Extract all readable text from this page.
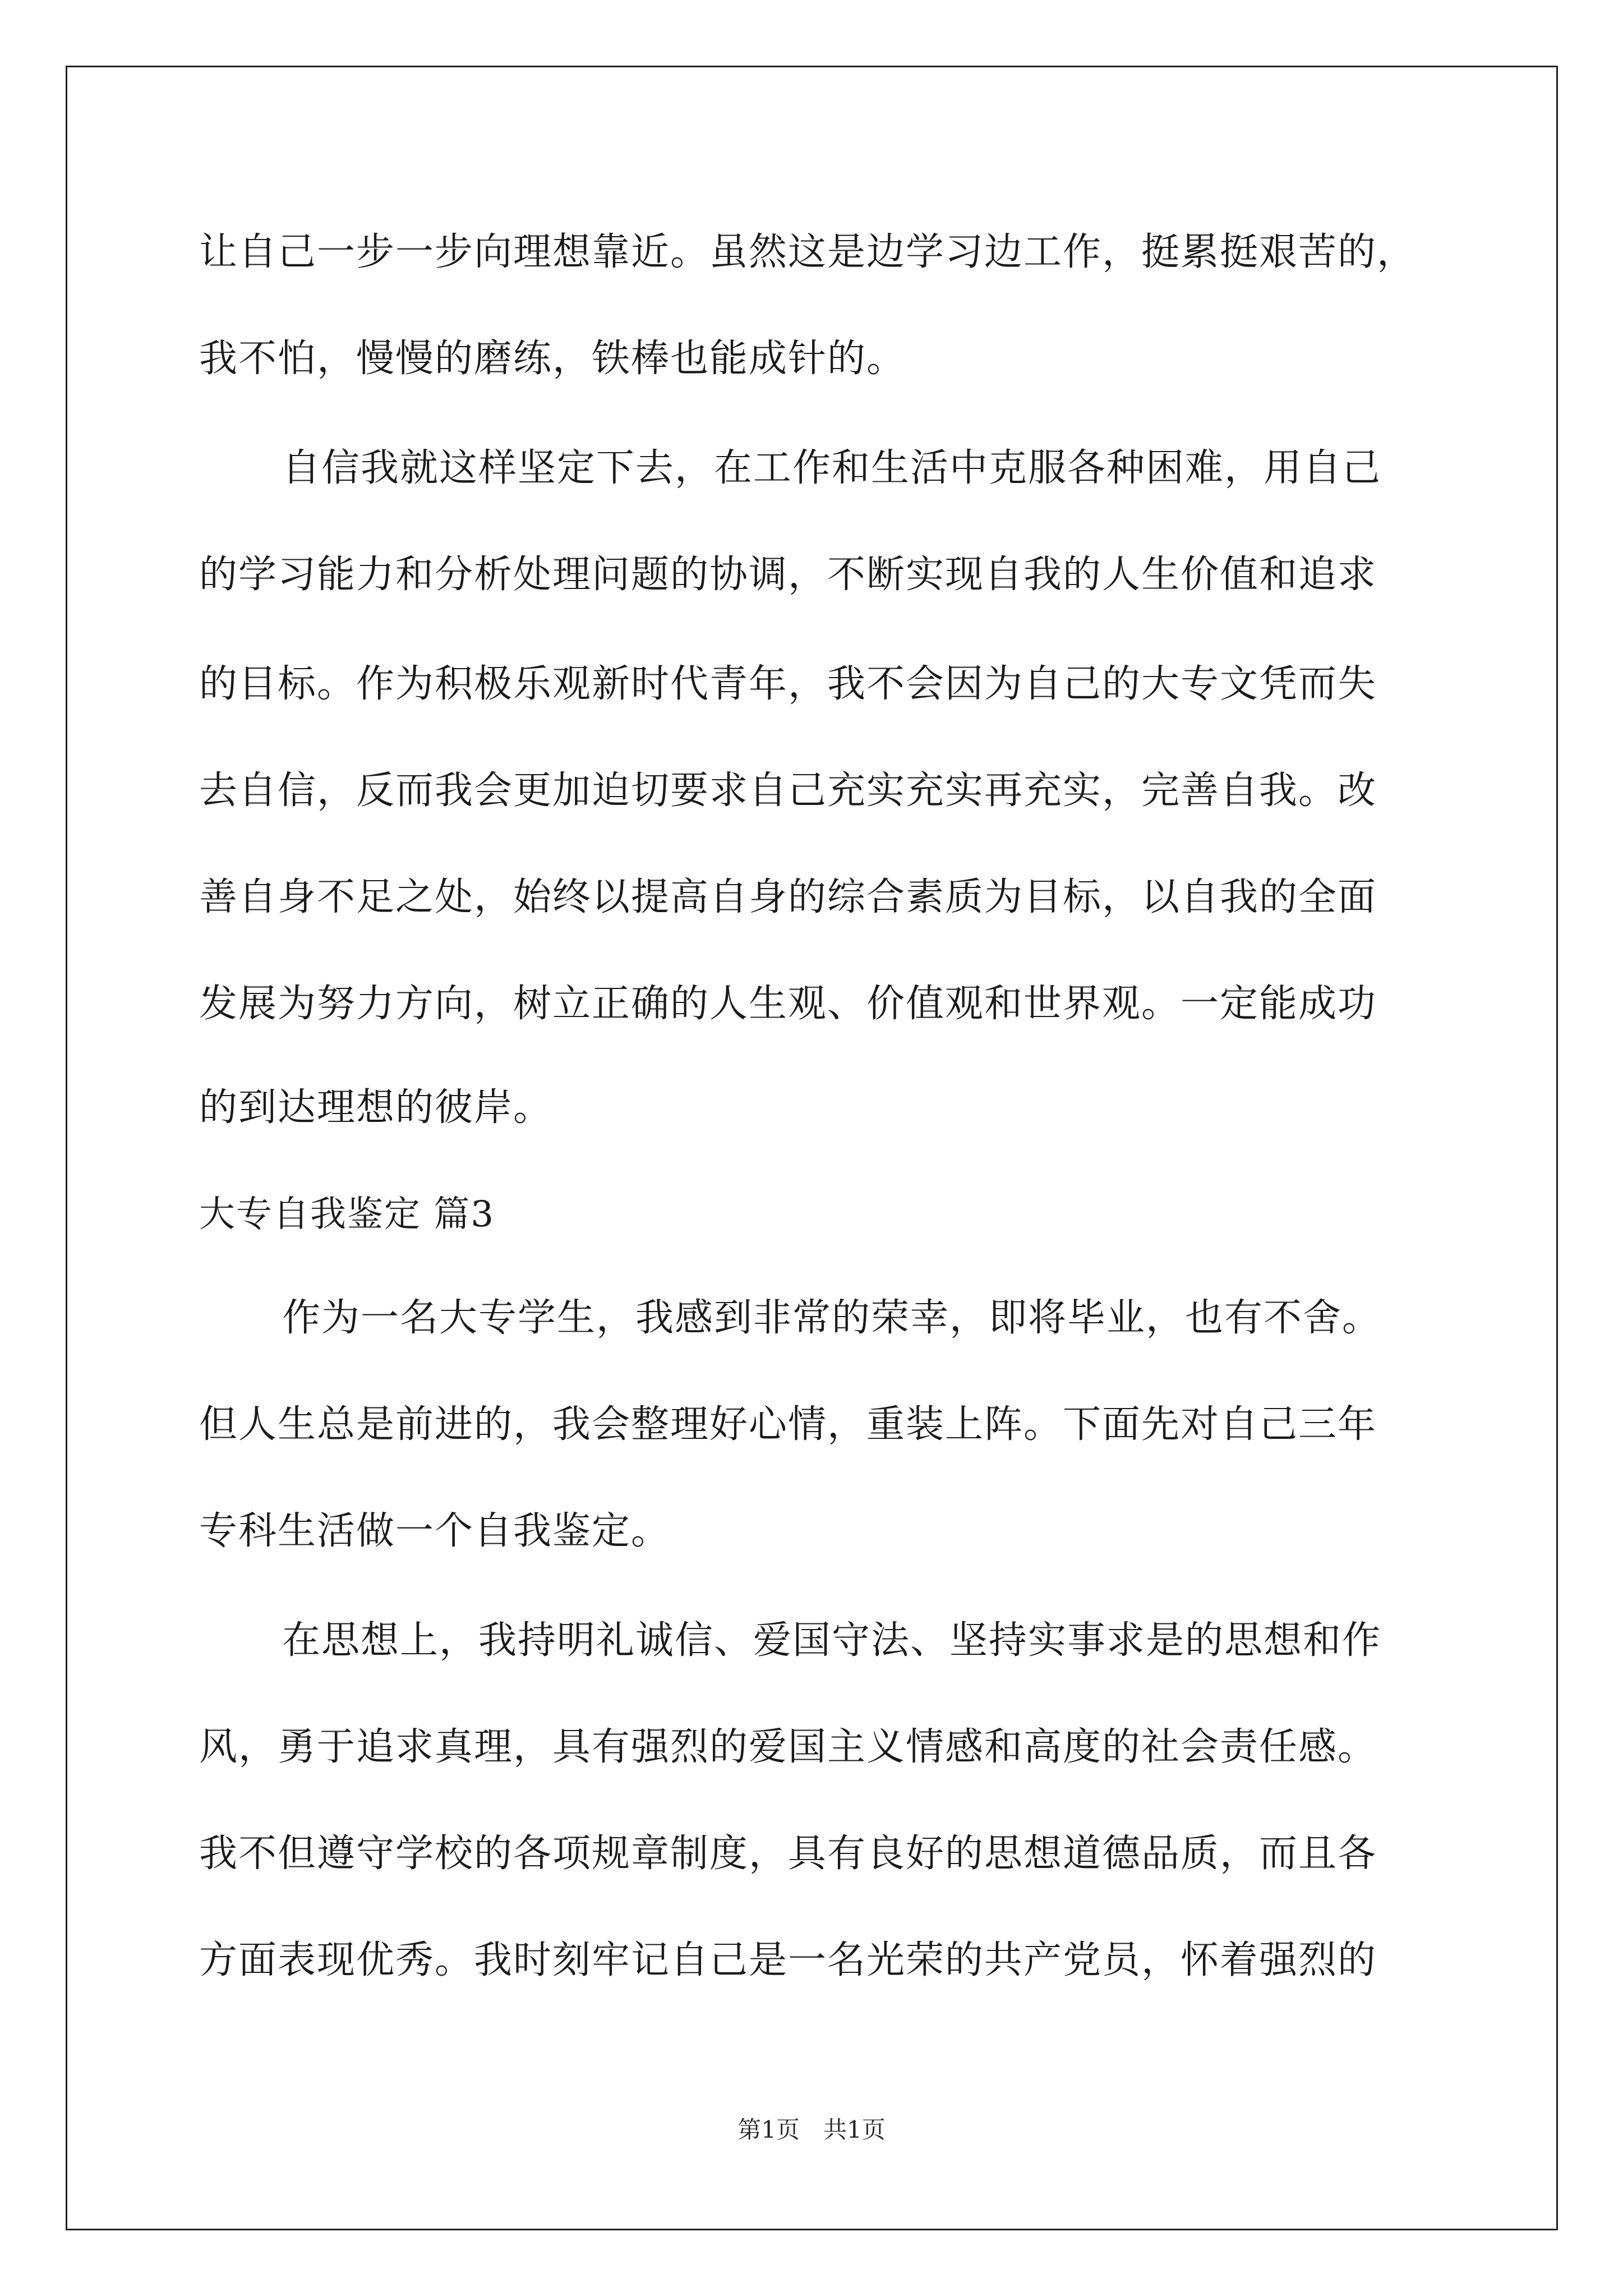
让自己一步一步向理想靠近。虽然这是边学习边工作，挺累挺艰苦的，
我不怕，慢慢的磨练，铁棒也能成针的。
自信我就这样坚定下去，在工作和生活中克服各种困难，用自己
的学习能力和分析处理问题的协调，不断实现自我的人生价值和追求
的目标。作为积极乐观新时代青年，我不会因为自己的大专文凭而失
去自信，反而我会更加迫切要求自己充实充实再充实，完善自我。改
善自身不足之处，始终以提高自身的综合素质为目标，以自我的全面
发展为努力方向，树立正确的人生观、价值观和世界观。一定能成功
的到达理想的彼岸。
大专自我鉴定 篇3
作为一名大专学生，我感到非常的荣幸，即将毕业，也有不舍。
但人生总是前进的，我会整理好心情，重装上阵。下面先对自己三年
专科生活做一个自我鉴定。
在思想上，我持明礼诚信、爱国守法、坚持实事求是的思想和作
风，勇于追求真理，具有强烈的爱国主义情感和高度的社会责任感。
我不但遵守学校的各项规章制度，具有良好的思想道德品质，而且各
方面表现优秀。我时刻牢记自己是一名光荣的共产党员，怀着强烈的
第1页　共1页
